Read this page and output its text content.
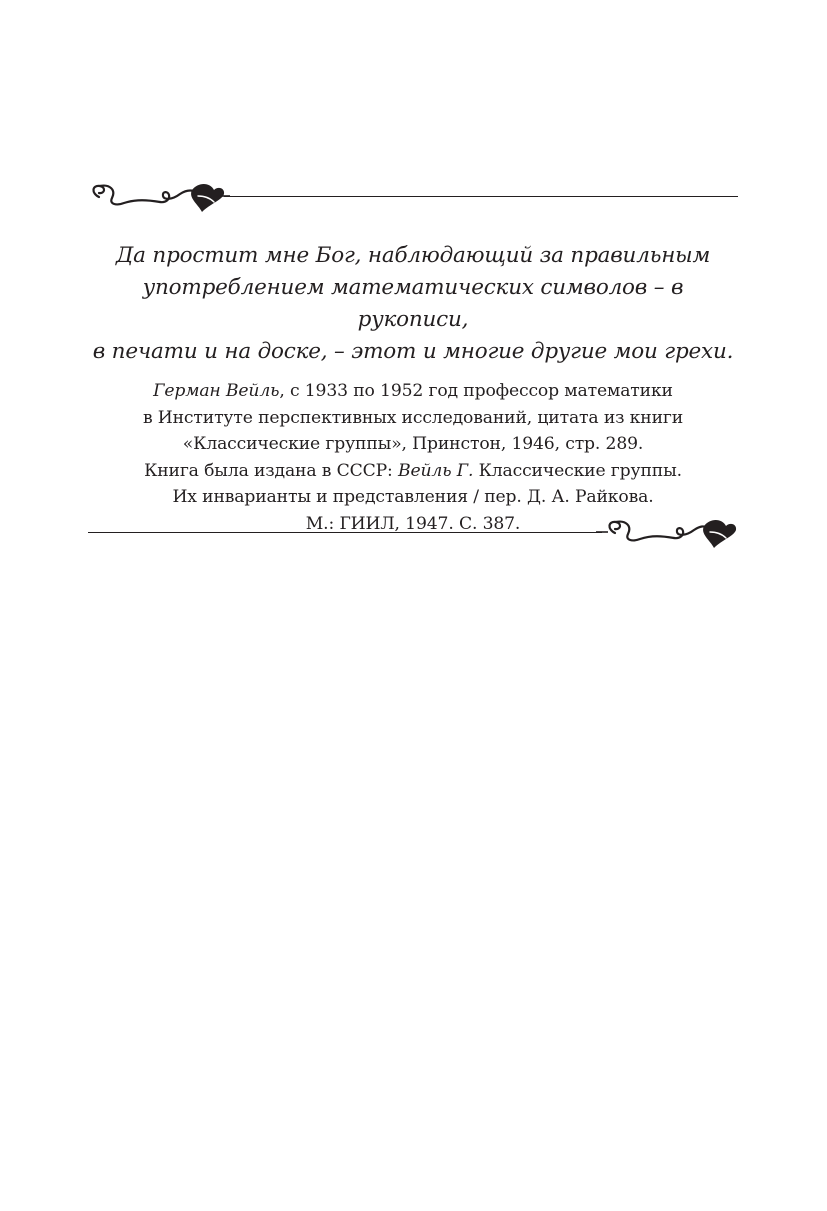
Да простит мне Бог, наблюдающий за правильным

употреблением математических символов – в рукописи,

в печати и на доске, – этот и многие другие мои грехи.

Герман Вейль, с 1933 по 1952 год профессор математики

в Институте перспективных исследований, цитата из книги

«Классические группы», Принстон, 1946, стр. 289.

Книга была издана в СССР: Вейль Г. Классические группы.

Их инварианты и представления / пер. Д. А. Райкова.

М.: ГИИЛ, 1947. С. 387.
